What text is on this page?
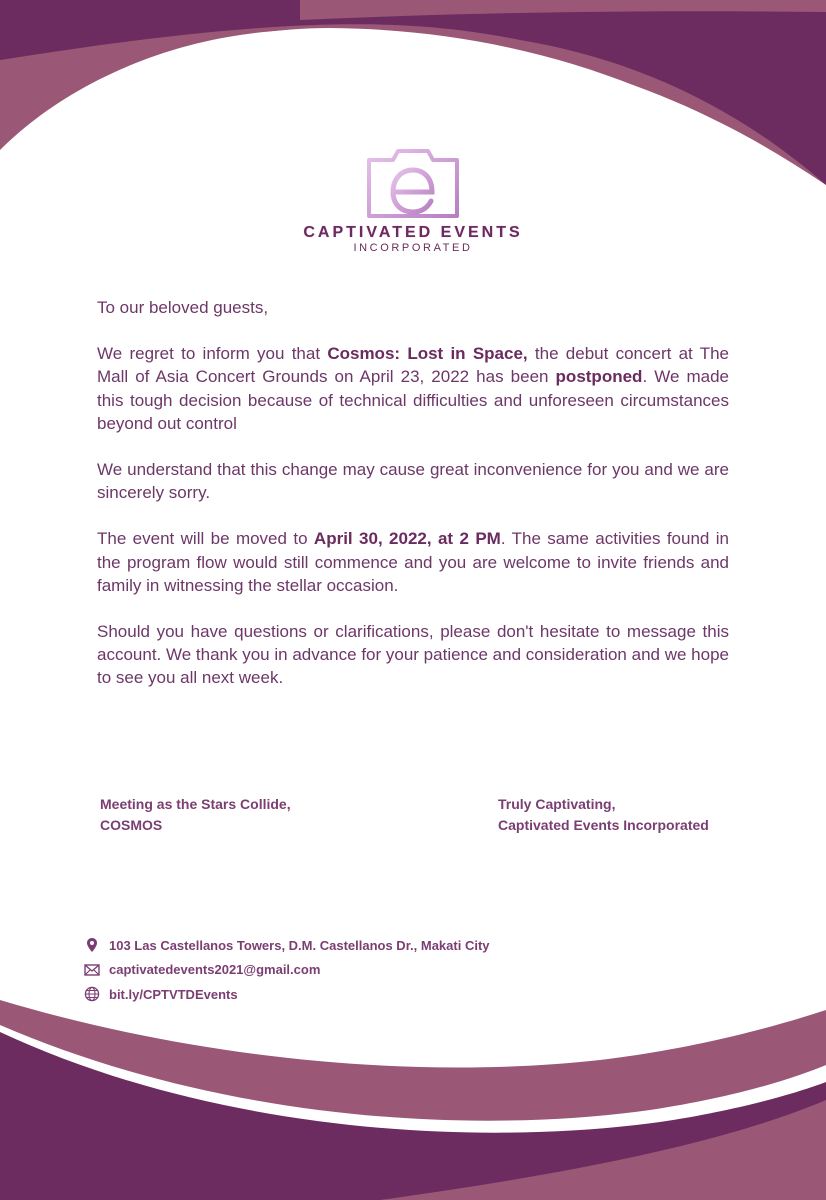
CAPTIVATED EVENTS
INCORPORATED

To our beloved guests,

We regret to inform you that Cosmos: Lost in Space, the debut concert at The Mall of Asia Concert Grounds on April 23, 2022 has been postponed. We made this tough decision because of technical difficulties and unforeseen circumstances beyond out control

We understand that this change may cause great inconvenience for you and we are sincerely sorry.

The event will be moved to April 30, 2022, at 2 PM. The same activities found in the program flow would still commence and you are welcome to invite friends and family in witnessing the stellar occasion.

Should you have questions or clarifications, please don't hesitate to message this account. We thank you in advance for your patience and consideration and we hope to see you all next week.

Meeting as the Stars Collide,
COSMOS
Truly Captivating,
Captivated Events Incorporated
103 Las Castellanos Towers, D.M. Castellanos Dr., Makati City
captivatedevents2021@gmail.com
bit.ly/CPTVTDEvents
